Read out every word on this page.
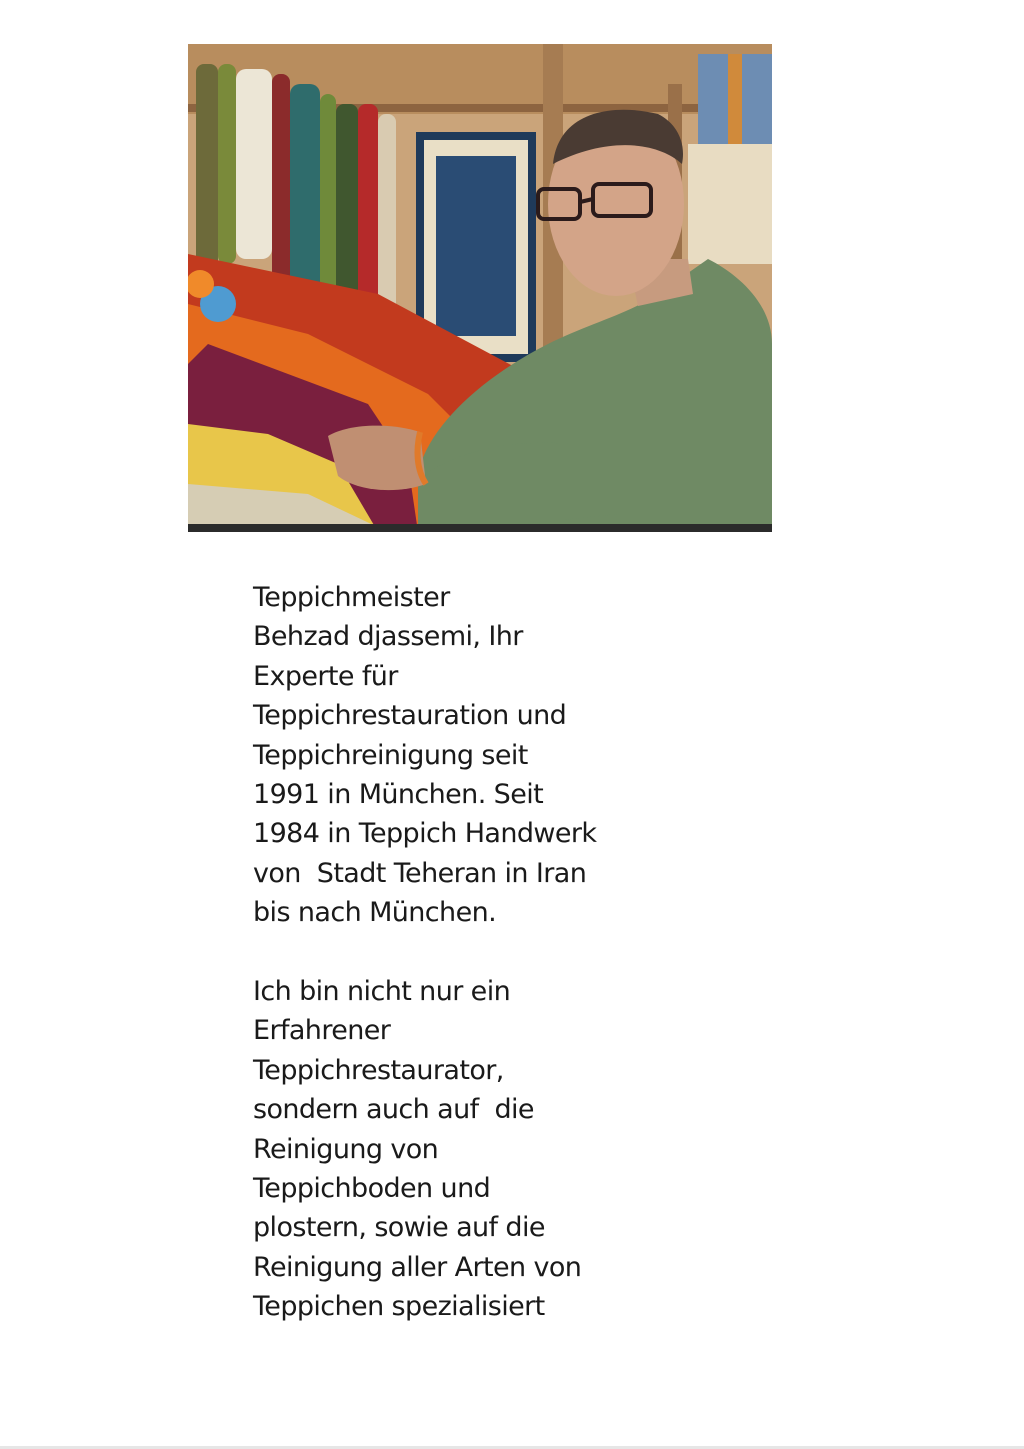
Teppichmeister
Behzad djassemi, Ihr
Experte für
Teppichrestauration und
Teppichreinigung seit
1991 in München. Seit
1984 in Teppich Handwerk
von  Stadt Teheran in Iran
bis nach München.
Ich bin nicht nur ein
Erfahrener
Teppichrestaurator,
sondern auch auf  die
Reinigung von
Teppichboden und
plostern, sowie auf die
Reinigung aller Arten von
Teppichen spezialisiert
